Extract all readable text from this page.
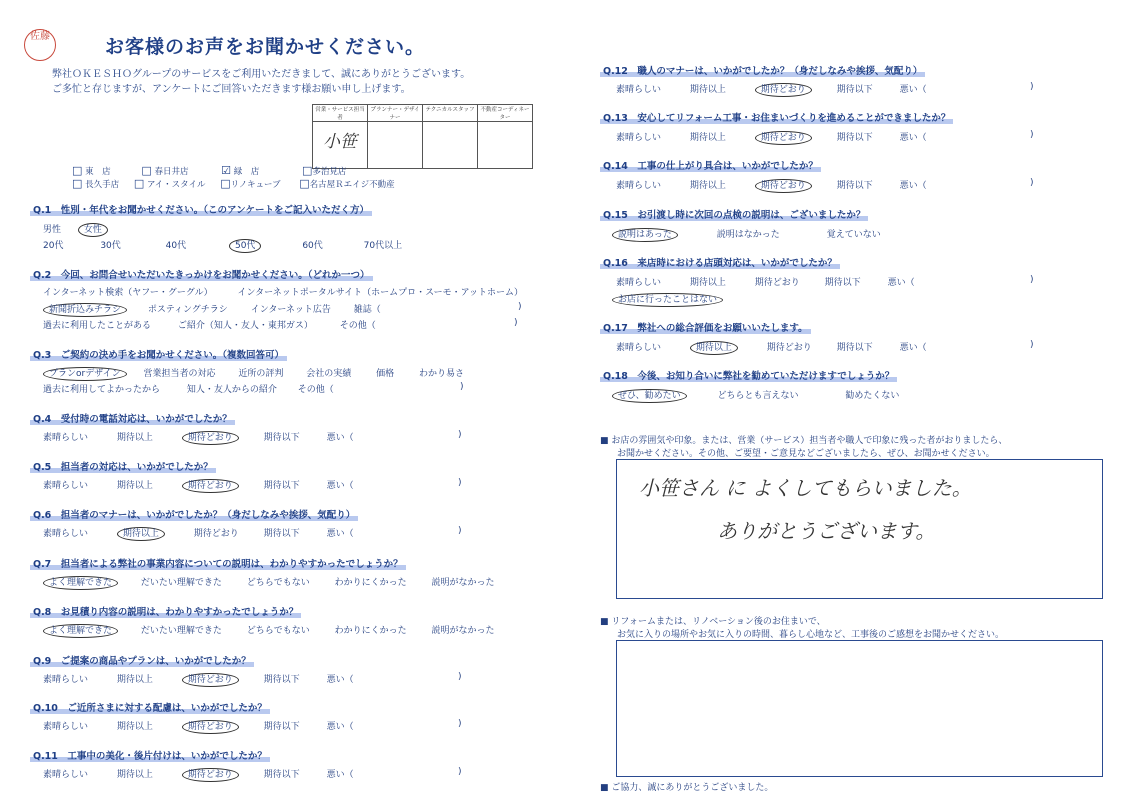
佐藤	お客様のお声をお聞かせください。
弊社ＯＫＥＳＨＯグループのサービスをご利用いただきまして、誠にありがとうございます。
ご多忙と存じますが、アンケートにご回答いただきます様お願い申し上げます。
営業・サービス担当者	プランナー・デザイナー	テクニカルスタッフ	不動産コーディネーター
小笹			
□ 東　店	□ 春日井店	☑ 緑　店	□多治見店
□ 長久手店 □ アイ・スタイル □リノキューブ □名古屋Ｒエイジ不動産
Q.1　性別・年代をお聞かせください。（このアンケートをご記入いただく方）
男性	女性
20代	30代	40代	50代	60代	70代以上
Q.2　今回、お問合せいただいたきっかけをお聞かせください。（どれか一つ）
インターネット検索（ヤフー・グーグル）	インターネットポータルサイト（ホームプロ・スーモ・アットホーム）
新聞折込みチラシ	ポスティングチラシ	インターネット広告	雑誌（	)
過去に利用したことがある	ご紹介（知人・友人・東邦ガス）	その他（	)
Q.3　ご契約の決め手をお聞かせください。（複数回答可）
プランorデザイン	営業担当者の対応	近所の評判	会社の実績	価格	わかり易さ
過去に利用してよかったから	知人・友人からの紹介 その他（	)
Q.4　受付時の電話対応は、いかがでしたか？
素晴らしい	期待以上	期待どおり	期待以下	悪い（	)
Q.5　担当者の対応は、いかがでしたか？
素晴らしい	期待以上	期待どおり	期待以下	悪い（	)
Q.6　担当者のマナーは、いかがでしたか？（身だしなみや挨拶、気配り）
素晴らしい	期待以上	期待どおり	期待以下	悪い（	)
Q.7　担当者による弊社の事業内容についての説明は、わかりやすかったでしょうか？
よく理解できた	だいたい理解できた	どちらでもない	わかりにくかった	説明がなかった
Q.8　お見積り内容の説明は、わかりやすかったでしょうか？
よく理解できた	だいたい理解できた	どちらでもない	わかりにくかった	説明がなかった
Q.9　ご提案の商品やプランは、いかがでしたか？
素晴らしい	期待以上	期待どおり	期待以下	悪い（	)
Q.10　ご近所さまに対する配慮は、いかがでしたか？
素晴らしい	期待以上	期待どおり	期待以下	悪い（	)
Q.11　工事中の美化・後片付けは、いかがでしたか？
素晴らしい	期待以上	期待どおり	期待以下	悪い（	)
Q.12　職人のマナーは、いかがでしたか？（身だしなみや挨拶、気配り）
素晴らしい	期待以上	期待どおり	期待以下	悪い（	)
Q.13　安心してリフォーム工事・お住まいづくりを進めることができましたか？
素晴らしい	期待以上	期待どおり	期待以下	悪い（	)
Q.14　工事の仕上がり具合は、いかがでしたか？
素晴らしい	期待以上	期待どおり	期待以下	悪い（	)
Q.15　お引渡し時に次回の点検の説明は、ございましたか？
説明はあった	説明はなかった	覚えていない
Q.16　来店時における店頭対応は、いかがでしたか？
素晴らしい	期待以上	期待どおり	期待以下	悪い（	)
お店に行ったことはない
Q.17　弊社への総合評価をお願いいたします。
素晴らしい	期待以上	期待どおり	期待以下	悪い（	)
Q.18　今後、お知り合いに弊社を勧めていただけますでしょうか？
ぜひ、勧めたい	どちらとも言えない	勧めたくない
■ お店の雰囲気や印象。または、営業（サービス）担当者や職人で印象に残った者がおりましたら、
お聞かせください。その他、ご要望・ご意見などございましたら、ぜひ、お聞かせください。
小笹さん に よくしてもらいました。
ありがとうございます。
■ リフォームまたは、リノベーション後のお住まいで、
お気に入りの場所やお気に入りの時間、暮らし心地など、工事後のご感想をお聞かせください。
■ ご協力、誠にありがとうございました。
